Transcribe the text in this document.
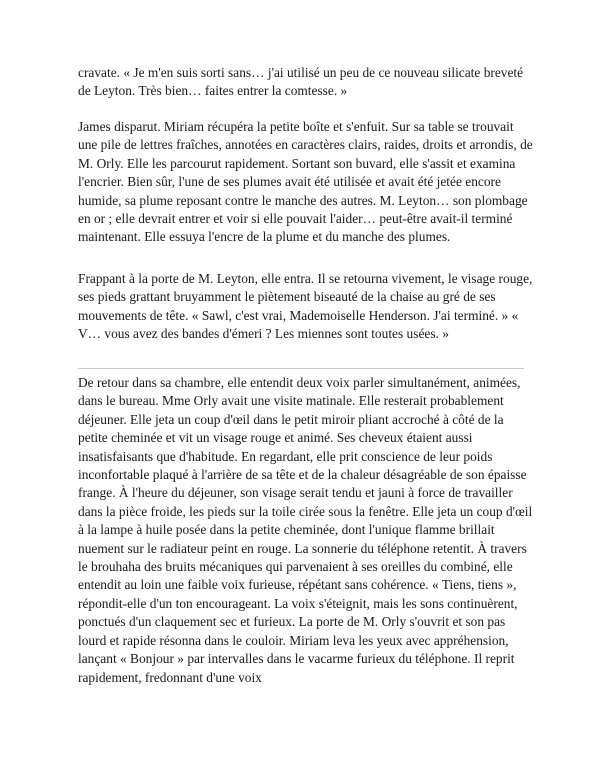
cravate. « Je m'en suis sorti sans… j'ai utilisé un peu de ce nouveau silicate breveté de Leyton. Très bien… faites entrer la comtesse. »

James disparut. Miriam récupéra la petite boîte et s'enfuit. Sur sa table se trouvait une pile de lettres fraîches, annotées en caractères clairs, raides, droits et arrondis, de M. Orly. Elle les parcourut rapidement. Sortant son buvard, elle s'assit et examina l'encrier. Bien sûr, l'une de ses plumes avait été utilisée et avait été jetée encore humide, sa plume reposant contre le manche des autres. M. Leyton… son plombage en or ; elle devrait entrer et voir si elle pouvait l'aider… peut-être avait-il terminé maintenant. Elle essuya l'encre de la plume et du manche des plumes.

Frappant à la porte de M. Leyton, elle entra. Il se retourna vivement, le visage rouge, ses pieds grattant bruyamment le piètement biseauté de la chaise au gré de ses mouvements de tête. « Sawl, c'est vrai, Mademoiselle Henderson. J'ai terminé. » « V… vous avez des bandes d'émeri ? Les miennes sont toutes usées. »

De retour dans sa chambre, elle entendit deux voix parler simultanément, animées, dans le bureau. Mme Orly avait une visite matinale. Elle resterait probablement déjeuner. Elle jeta un coup d'œil dans le petit miroir pliant accroché à côté de la petite cheminée et vit un visage rouge et animé. Ses cheveux étaient aussi insatisfaisants que d'habitude. En regardant, elle prit conscience de leur poids inconfortable plaqué à l'arrière de sa tête et de la chaleur désagréable de son épaisse frange. À l'heure du déjeuner, son visage serait tendu et jauni à force de travailler dans la pièce froide, les pieds sur la toile cirée sous la fenêtre. Elle jeta un coup d'œil à la lampe à huile posée dans la petite cheminée, dont l'unique flamme brillait nuement sur le radiateur peint en rouge. La sonnerie du téléphone retentit. À travers le brouhaha des bruits mécaniques qui parvenaient à ses oreilles du combiné, elle entendit au loin une faible voix furieuse, répétant sans cohérence. « Tiens, tiens », répondit-elle d'un ton encourageant. La voix s'éteignit, mais les sons continuèrent, ponctués d'un claquement sec et furieux. La porte de M. Orly s'ouvrit et son pas lourd et rapide résonna dans le couloir. Miriam leva les yeux avec appréhension, lançant « Bonjour » par intervalles dans le vacarme furieux du téléphone. Il reprit rapidement, fredonnant d'une voix
